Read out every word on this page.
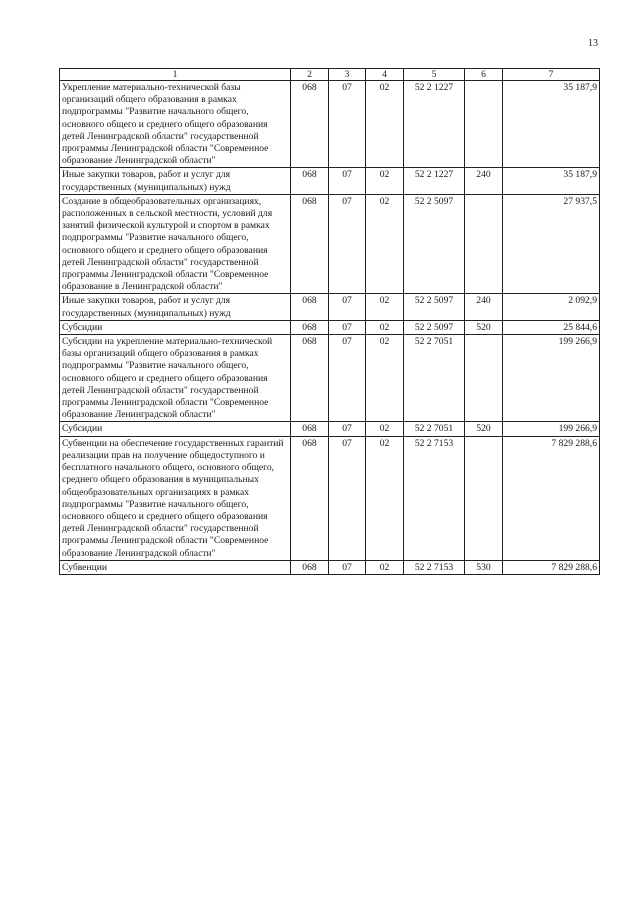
13
1	2	3	4	5	6	7
Укрепление материально-технической базы организаций общего образования в рамках подпрограммы "Развитие начального общего, основного общего и среднего общего образования детей Ленинградской области" государственной программы Ленинградской области "Современное образование Ленинградской области"	068	07	02	52 2 1227		35 187,9
Иные закупки товаров, работ и услуг для государственных (муниципальных) нужд	068	07	02	52 2 1227	240	35 187,9
Создание в общеобразовательных организациях, расположенных в сельской местности, условий для занятий физической культурой и спортом в рамках подпрограммы "Развитие начального общего, основного общего и среднего общего образования детей Ленинградской области" государственной программы Ленинградской области "Современное образование в Ленинградской области"	068	07	02	52 2 5097		27 937,5
Иные закупки товаров, работ и услуг для государственных (муниципальных) нужд	068	07	02	52 2 5097	240	2 092,9
Субсидии	068	07	02	52 2 5097	520	25 844,6
Субсидии на укрепление материально-технической базы организаций общего образования в рамках подпрограммы "Развитие начального общего, основного общего и среднего общего образования детей Ленинградской области" государственной программы Ленинградской области "Современное образование Ленинградской области"	068	07	02	52 2 7051		199 266,9
Субсидии	068	07	02	52 2 7051	520	199 266,9
Субвенции на обеспечение государственных гарантий реализации прав на получение общедоступного и бесплатного начального общего, основного общего, среднего общего образования в муниципальных общеобразовательных организациях в рамках подпрограммы "Развитие начального общего, основного общего и среднего общего образования детей Ленинградской области" государственной программы Ленинградской области "Современное образование Ленинградской области"	068	07	02	52 2 7153		7 829 288,6
Субвенции	068	07	02	52 2 7153	530	7 829 288,6
